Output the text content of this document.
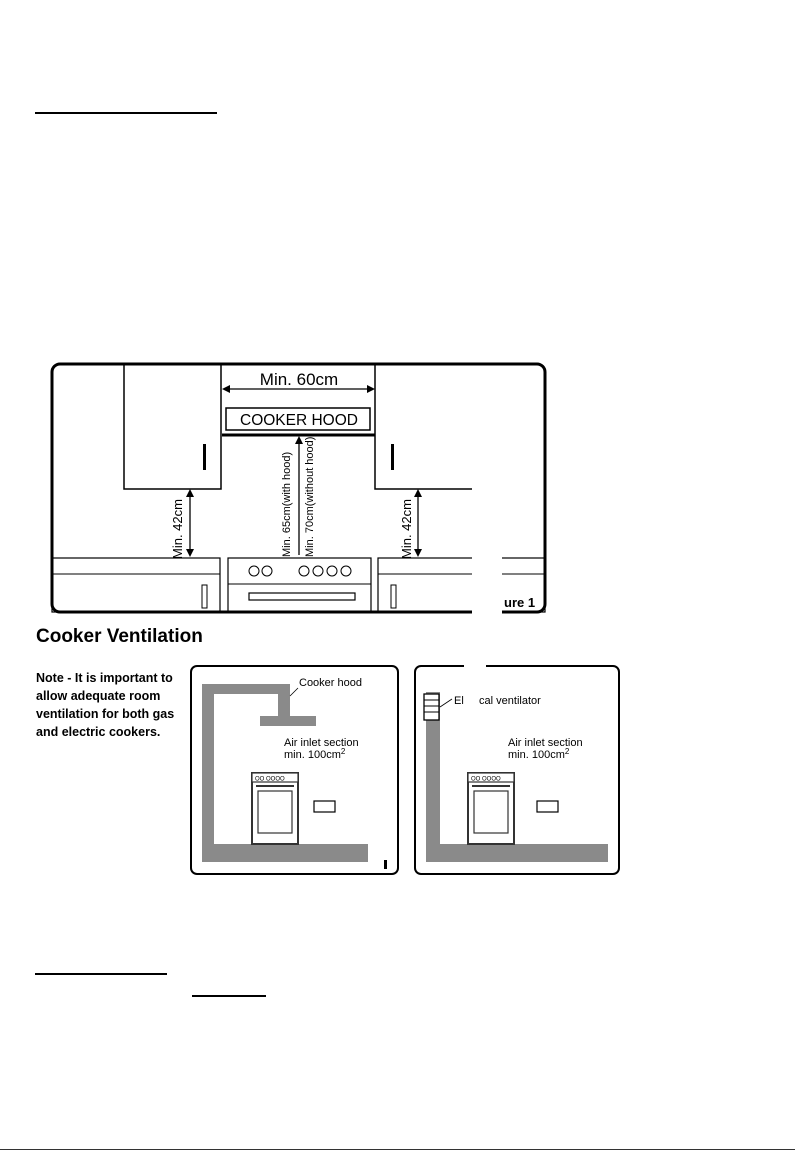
Min. 60cm
COOKER HOOD
Min. 65cm(with hood) Min. 70cm(without hood)
Min. 42cm	Min. 42cm
ure 1
Cooker Ventilation
Note - It is important to allow adequate room ventilation for both gas and electric cookers.
Cooker hood
OO OOOO
Air inlet section
min. $100cm^2$
El     cal ventilator
OO OOOO
Air inlet section
min. $100cm^2$
